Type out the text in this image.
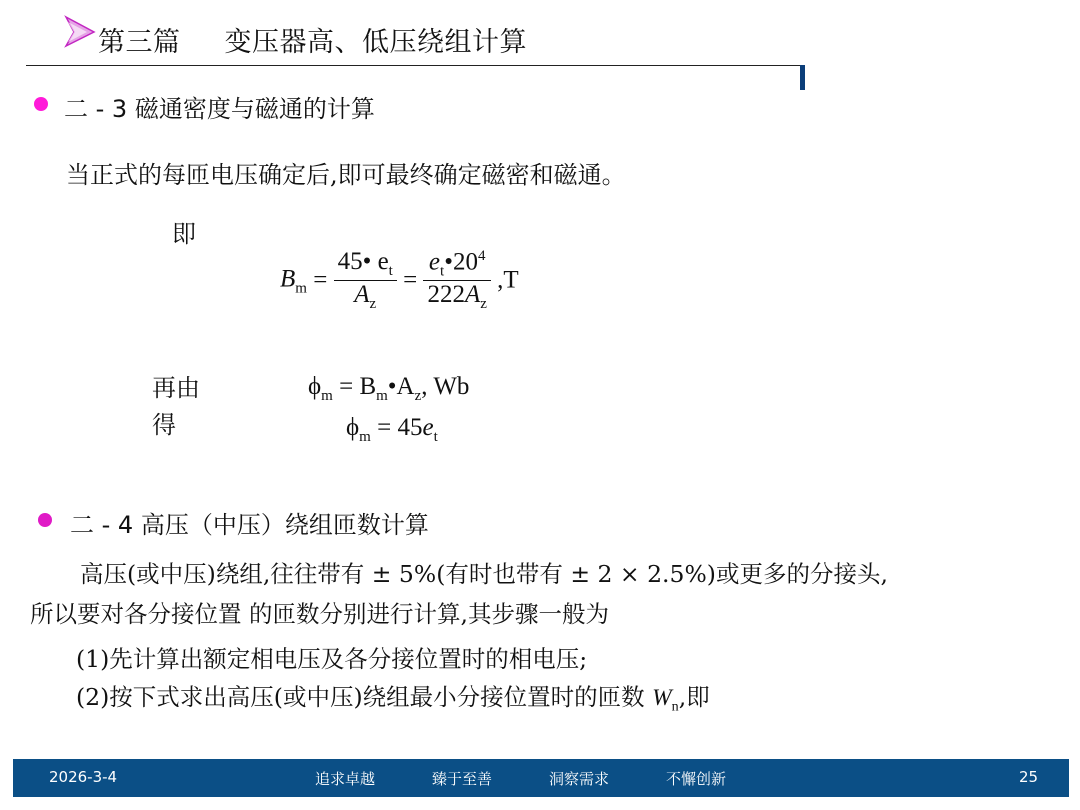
第三篇 变压器高、低压绕组计算
二 - 3 磁通密度与磁通的计算
当正式的每匝电压确定后,即可最终确定磁密和磁通。
即
$B_m = \frac{45• e_t}{A_z} = \frac{e_t•20^4}{222A_z} ,T$
再由
得
$\phi_m$ = $B_m•A_z$, Wb
$\phi_m = 45e_t$
二 - 4 高压（中压）绕组匝数计算
高压(或中压)绕组,往往带有 ± 5%(有时也带有 ± 2 × 2.5%)或更多的分接头,
所以要对各分接位置 的匝数分别进行计算,其步骤一般为
(1)先计算出额定相电压及各分接位置时的相电压;
(2)按下式求出高压(或中压)绕组最小分接位置时的匝数 $W_n$,即
2026-3-4	追求卓越	臻于至善	洞察需求	不懈创新	25
